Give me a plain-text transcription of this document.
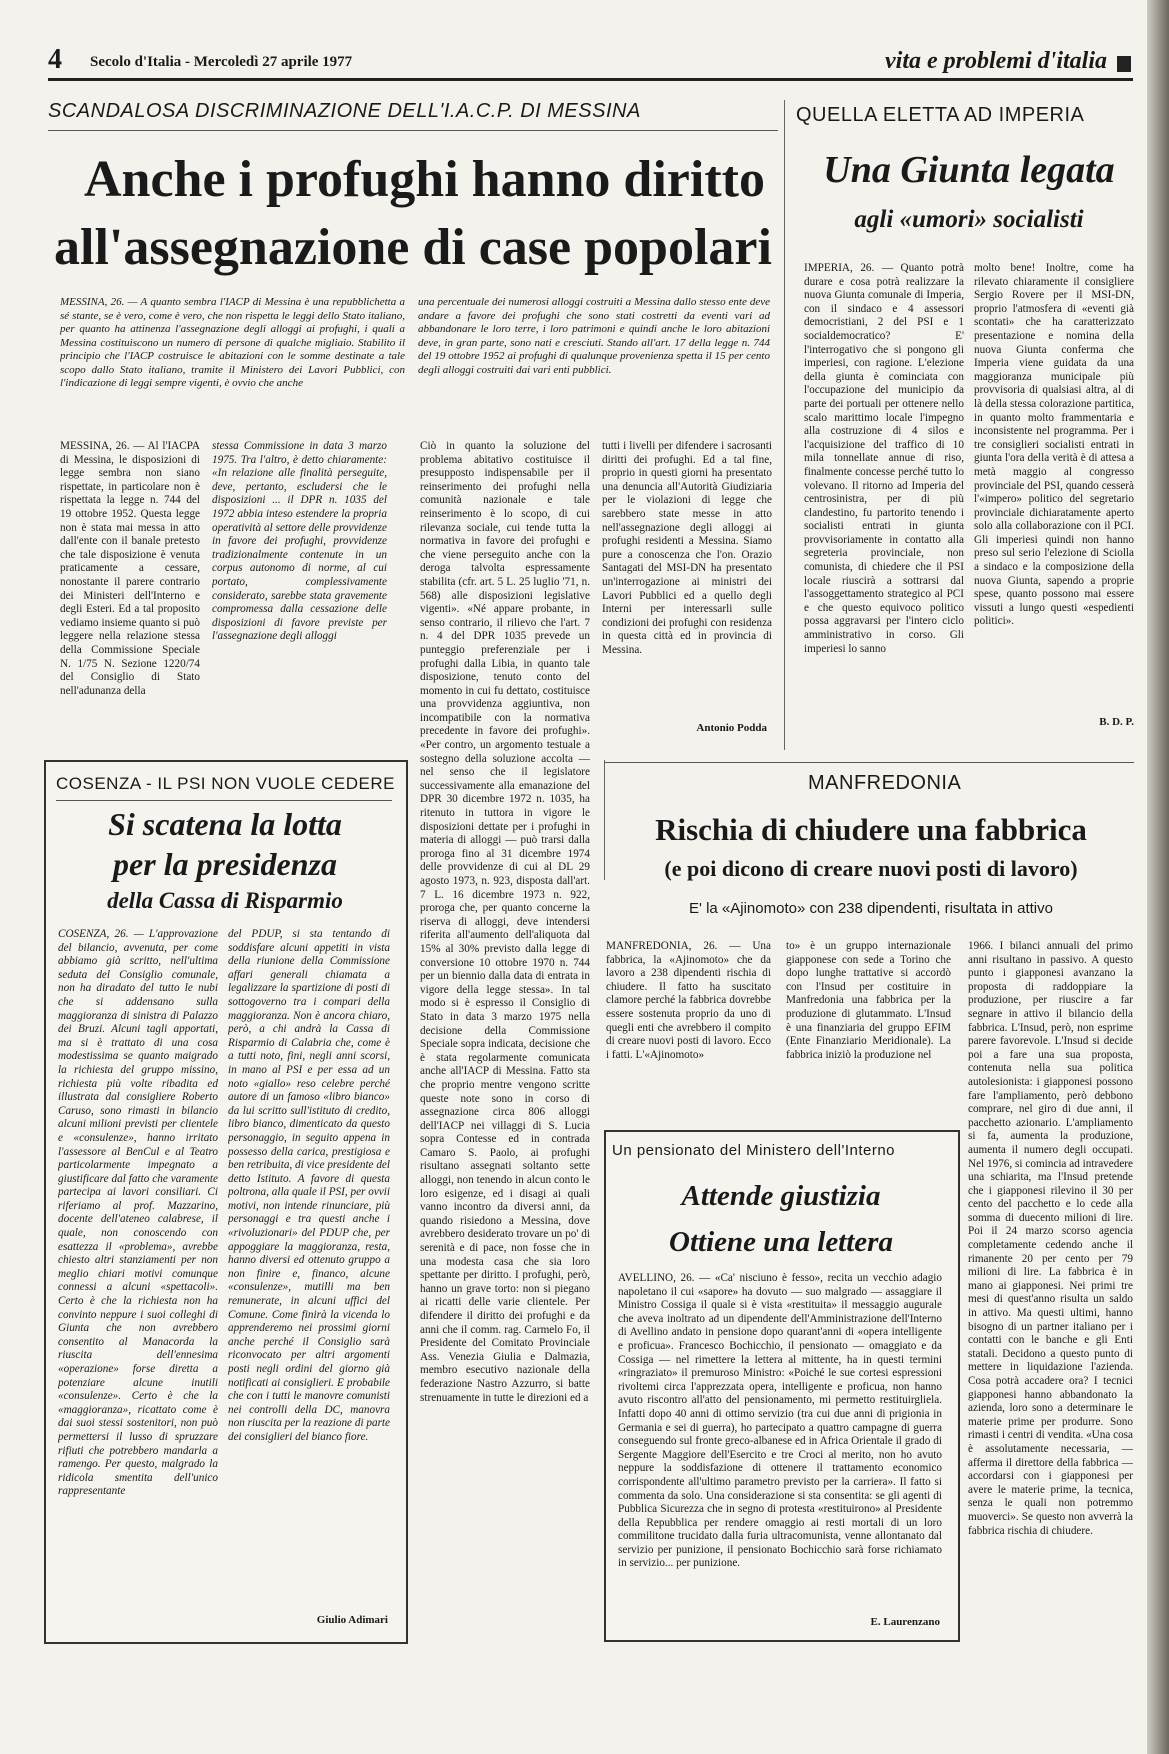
4 Secolo d'Italia - Mercoledì 27 aprile 1977	vita e problemi d'italia
SCANDALOSA DISCRIMINAZIONE DELL'I.A.C.P. DI MESSINA
Anche i profughi hanno diritto
all'assegnazione di case popolari
MESSINA, 26. — A quanto sembra l'IACP di Messina è una repubblichetta a sé stante, se è vero, come è vero, che non rispetta le leggi dello Stato italiano, per quanto ha attinenza l'assegnazione degli alloggi ai profughi, i quali a Messina costituiscono un numero di persone di qualche migliaio. Stabilito il principio che l'IACP costruisce le abitazioni con le somme destinate a tale scopo dallo Stato italiano, tramite il Ministero dei Lavori Pubblici, con l'indicazione di leggi sempre vigenti, è ovvio che anche
una percentuale dei numerosi alloggi costruiti a Messina dallo stesso ente deve andare a favore dei profughi che sono stati costretti da eventi vari ad abbandonare le loro terre, i loro patrimoni e quindi anche le loro abitazioni deve, in gran parte, sono nati e cresciuti. Stando all'art. 17 della legge n. 744 del 19 ottobre 1952 ai profughi di qualunque provenienza spetta il 15 per cento degli alloggi costruiti dai vari enti pubblici.
MESSINA, 26. — Al l'IACPA di Messina, le disposizioni di legge sembra non siano rispettate, in particolare non è rispettata la legge n. 744 del 19 ottobre 1952. Questa legge non è stata mai messa in atto dall'ente con il banale pretesto che tale disposizione è venuta praticamente a cessare, nonostante il parere contrario dei Ministeri dell'Interno e degli Esteri. Ed a tal proposito vediamo insieme quanto si può leggere nella relazione stessa della Commissione Speciale N. 1/75 N. Sezione 1220/74 del Consiglio di Stato nell'adunanza della
stessa Commissione in data 3 marzo 1975. Tra l'altro, è detto chiaramente: «In relazione alle finalità perseguite, deve, pertanto, escludersi che le disposizioni ... il DPR n. 1035 del 1972 abbia inteso estendere la propria operatività al settore delle provvidenze in favore dei profughi, provvidenze tradizionalmente contenute in un corpus autonomo di norme, al cui portato, complessivamente considerato, sarebbe stata gravemente compromessa dalla cessazione delle disposizioni di favore previste per l'assegnazione degli alloggi
Ciò in quanto la soluzione del problema abitativo costituisce il presupposto indispensabile per il reinserimento dei profughi nella comunità nazionale e tale reinserimento è lo scopo, di cui rilevanza sociale, cui tende tutta la normativa in favore dei profughi e che viene perseguito anche con la deroga talvolta espressamente stabilita (cfr. art. 5 L. 25 luglio '71, n. 568) alle disposizioni legislative vigenti». «Né appare probante, in senso contrario, il rilievo che l'art. 7 n. 4 del DPR 1035 prevede un punteggio preferenziale per i profughi dalla Libia, in quanto tale disposizione, tenuto conto del momento in cui fu dettato, costituisce una provvidenza aggiuntiva, non incompatibile con la normativa precedente in favore dei profughi». «Per contro, un argomento testuale a sostegno della soluzione accolta — nel senso che il legislatore successivamente alla emanazione del DPR 30 dicembre 1972 n. 1035, ha ritenuto in tuttora in vigore le disposizioni dettate per i profughi in materia di alloggi — può trarsi dalla proroga fino al 31 dicembre 1974 delle provvidenze di cui al DL 29 agosto 1973, n. 923, disposta dall'art. 7 L. 16 dicembre 1973 n. 922, proroga che, per quanto concerne la riserva di alloggi, deve intendersi riferita all'aumento dell'aliquota dal 15% al 30% previsto dalla legge di conversione 10 ottobre 1970 n. 744 per un biennio dalla data di entrata in vigore della legge stessa». In tal modo si è espresso il Consiglio di Stato in data 3 marzo 1975 nella decisione della Commissione Speciale sopra indicata, decisione che è stata regolarmente comunicata anche all'IACP di Messina. Fatto sta che proprio mentre vengono scritte queste note sono in corso di assegnazione circa 806 alloggi dell'IACP nei villaggi di S. Lucia sopra Contesse ed in contrada Camaro S. Paolo, ai profughi risultano assegnati soltanto sette alloggi, non tenendo in alcun conto le loro esigenze, ed i disagi ai quali vanno incontro da diversi anni, da quando risiedono a Messina, dove avrebbero desiderato trovare un po' di serenità e di pace, non fosse che in una modesta casa che sia loro spettante per diritto. I profughi, però, hanno un grave torto: non si piegano ai ricatti delle varie clientele. Per difendere il diritto dei profughi e da anni che il comm. rag. Carmelo Fo, il Presidente del Comitato Provinciale Ass. Venezia Giulia e Dalmazia, membro esecutivo nazionale della federazione Nastro Azzurro, si batte strenuamente in tutte le direzioni ed a
tutti i livelli per difendere i sacrosanti diritti dei profughi. Ed a tal fine, proprio in questi giorni ha presentato una denuncia all'Autorità Giudiziaria per le violazioni di legge che sarebbero state messe in atto nell'assegnazione degli alloggi ai profughi residenti a Messina. Siamo pure a conoscenza che l'on. Orazio Santagati del MSI-DN ha presentato un'interrogazione ai ministri dei Lavori Pubblici ed a quello degli Interni per interessarli sulle condizioni dei profughi con residenza in questa città ed in provincia di Messina.
Antonio Podda
QUELLA ELETTA AD IMPERIA
Una Giunta legata
agli «umori» socialisti
IMPERIA, 26. — Quanto potrà durare e cosa potrà realizzare la nuova Giunta comunale di Imperia, con il sindaco e 4 assessori democristiani, 2 del PSI e 1 socialdemocratico? E' l'interrogativo che si pongono gli imperiesi, con ragione. L'elezione della giunta è cominciata con l'occupazione del municipio da parte dei portuali per ottenere nello scalo marittimo locale l'impegno alla costruzione di 4 silos e l'acquisizione del traffico di 10 mila tonnellate annue di riso, finalmente concesse perché tutto lo volevano. Il ritorno ad Imperia del centrosinistra, per di più clandestino, fu partorito tenendo i socialisti entrati in giunta provvisoriamente in contatto alla segreteria provinciale, non comunista, di chiedere che il PSI locale riuscirà a sottrarsi dal l'assoggettamento strategico al PCI e che questo equivoco politico possa aggravarsi per l'intero ciclo amministrativo in corso. Gli imperiesi lo sanno
molto bene! Inoltre, come ha rilevato chiaramente il consigliere Sergio Rovere per il MSI-DN, proprio l'atmosfera di «eventi già scontati» che ha caratterizzato presentazione e nomina della nuova Giunta conferma che Imperia viene guidata da una maggioranza municipale più provvisoria di qualsiasi altra, al di là della stessa colorazione partitica, in quanto molto frammentaria e inconsistente nel programma. Per i tre consiglieri socialisti entrati in giunta l'ora della verità è di attesa a metà maggio al congresso provinciale del PSI, quando cesserà l'«impero» politico del segretario provinciale dichiaratamente aperto solo alla collaborazione con il PCI. Gli imperiesi quindi non hanno preso sul serio l'elezione di Sciolla a sindaco e la composizione della nuova Giunta, sapendo a proprie spese, quanto possono mai essere vissuti a lungo questi «espedienti politici».
B. D. P.
COSENZA - IL PSI NON VUOLE CEDERE
Si scatena la lotta
per la presidenza
della Cassa di Risparmio
COSENZA, 26. — L'approvazione del bilancio, avvenuta, per come abbiamo già scritto, nell'ultima seduta del Consiglio comunale, non ha diradato del tutto le nubi che si addensano sulla maggioranza di sinistra di Palazzo dei Bruzi. Alcuni tagli apportati, ma si è trattato di una cosa modestissima se quanto maigrado la richiesta del gruppo missino, richiesta più volte ribadita ed illustrata dal consigliere Roberto Caruso, sono rimasti in bilancio alcuni milioni previsti per clientele e «consulenze», hanno irritato l'assessore al BenCul e al Teatro particolarmente impegnato a giustificare dal fatto che varamente partecipa ai lavori consiliari. Ci riferiamo al prof. Mazzarino, docente dell'ateneo calabrese, il quale, non conoscendo con esattezza il «problema», avrebbe chiesto altri stanziamenti per non meglio chiari motivi comunque connessi a alcuni «spettacoli». Certo è che la richiesta non ha convinto neppure i suoi colleghi di Giunta che non avrebbero consentito al Manacorda la riuscita dell'ennesima «operazione» forse diretta a potenziare alcune inutili «consulenze». Certo è che la «maggioranza», ricattato come è dai suoi stessi sostenitori, non può permettersi il lusso di spruzzare rifiuti che potrebbero mandarla a ramengo. Per questo, malgrado la ridicola smentita dell'unico rappresentante
del PDUP, si sta tentando di soddisfare alcuni appetiti in vista della riunione della Commissione affari generali chiamata a legalizzare la spartizione di posti di sottogoverno tra i compari della maggioranza. Non è ancora chiaro, però, a chi andrà la Cassa di Risparmio di Calabria che, come è a tutti noto, fini, negli anni scorsi, in mano al PSI e per essa ad un noto «giallo» reso celebre perché autore di un famoso «libro bianco» da lui scritto sull'istituto di credito, libro bianco, dimenticato da questo personaggio, in seguito appena in possesso della carica, prestigiosa e ben retribuita, di vice presidente del detto Istituto. A favore di questa poltrona, alla quale il PSI, per ovvii motivi, non intende rinunciare, più personaggi e tra questi anche i «rivoluzionari» del PDUP che, per appoggiare la maggioranza, resta, hanno diversi ed ottenuto gruppo a non finire e, financo, alcune «consulenze», mutilli ma ben remunerate, in alcuni uffici del Comune. Come finirà la vicenda lo apprenderemo nei prossimi giorni anche perché il Consiglio sarà riconvocato per altri argomenti posti negli ordini del giorno già notificati ai consiglieri. E probabile che con i tutti le manovre comunisti nei controlli della DC, manovra non riuscita per la reazione di parte dei consiglieri del bianco fiore.
Giulio Adimari
MANFREDONIA
Rischia di chiudere una fabbrica
(e poi dicono di creare nuovi posti di lavoro)
E' la «Ajinomoto» con 238 dipendenti, risultata in attivo
MANFREDONIA, 26. — Una fabbrica, la «Ajinomoto» che da lavoro a 238 dipendenti rischia di chiudere. Il fatto ha suscitato clamore perché la fabbrica dovrebbe essere sostenuta proprio da uno di quegli enti che avrebbero il compito di creare nuovi posti di lavoro. Ecco i fatti. L'«Ajinomoto»
to» è un gruppo internazionale giapponese con sede a Torino che dopo lunghe trattative si accordò con l'Insud per costituire in Manfredonia una fabbrica per la produzione di glutammato. L'Insud è una finanziaria del gruppo EFIM (Ente Finanziario Meridionale). La fabbrica iniziò la produzione nel
1966. I bilanci annuali del primo anni risultano in passivo. A questo punto i giapponesi avanzano la proposta di raddoppiare la produzione, per riuscire a far segnare in attivo il bilancio della fabbrica. L'Insud, però, non esprime parere favorevole. L'Insud si decide poi a fare una sua proposta, contenuta nella sua politica autolesionista: i giapponesi possono fare l'ampliamento, però debbono comprare, nel giro di due anni, il pacchetto azionario. L'ampliamento si fa, aumenta la produzione, aumenta il numero degli occupati. Nel 1976, si comincia ad intravedere una schiarita, ma l'Insud pretende che i giapponesi rilevino il 30 per cento del pacchetto e lo cede alla somma di duecento milioni di lire. Poi il 24 marzo scorso agencia completamente cedendo anche il rimanente 20 per cento per 79 milioni di lire. La fabbrica è in mano ai giapponesi. Nei primi tre mesi di quest'anno risulta un saldo in attivo. Ma questi ultimi, hanno bisogno di un partner italiano per i contatti con le banche e gli Enti statali. Decidono a questo punto di mettere in liquidazione l'azienda. Cosa potrà accadere ora? I tecnici giapponesi hanno abbandonato la azienda, loro sono a determinare le materie prime per produrre. Sono rimasti i centri di vendita. «Una cosa è assolutamente necessaria, — afferma il direttore della fabbrica — accordarsi con i giapponesi per avere le materie prime, la tecnica, senza le quali non potremmo muoverci». Se questo non avverrà la fabbrica rischia di chiudere.
Un pensionato del Ministero dell'Interno
Attende giustizia
Ottiene una lettera
AVELLINO, 26. — «Ca' nisciuno è fesso», recita un vecchio adagio napoletano il cui «sapore» ha dovuto — suo malgrado — assaggiare il Ministro Cossiga il quale si è vista «restituita» il messaggio augurale che aveva inoltrato ad un dipendente dell'Amministrazione dell'Interno di Avellino andato in pensione dopo quarant'anni di «opera intelligente e proficua». Francesco Bochicchio, il pensionato — omaggiato e da Cossiga — nel rimettere la lettera al mittente, ha in questi termini «ringraziato» il premuroso Ministro: «Poiché le sue cortesi espressioni rivoltemi circa l'apprezzata opera, intelligente e proficua, non hanno avuto riscontro all'atto del pensionamento, mi permetto restituirgliela. Infatti dopo 40 anni di ottimo servizio (tra cui due anni di prigionia in Germania e sei di guerra), ho partecipato a quattro campagne di guerra conseguendo sul fronte greco-albanese ed in Africa Orientale il grado di Sergente Maggiore dell'Esercito e tre Croci al merito, non ho avuto neppure la soddisfazione di ottenere il trattamento economico corrispondente all'ultimo parametro previsto per la carriera». Il fatto si commenta da solo. Una considerazione si sta consentita: se gli agenti di Pubblica Sicurezza che in segno di protesta «restituirono» al Presidente della Repubblica per rendere omaggio ai resti mortali di un loro commilitone trucidato dalla furia ultracomunista, venne allontanato dal servizio per punizione, il pensionato Bochicchio sarà forse richiamato in servizio... per punizione.
E. Laurenzano
